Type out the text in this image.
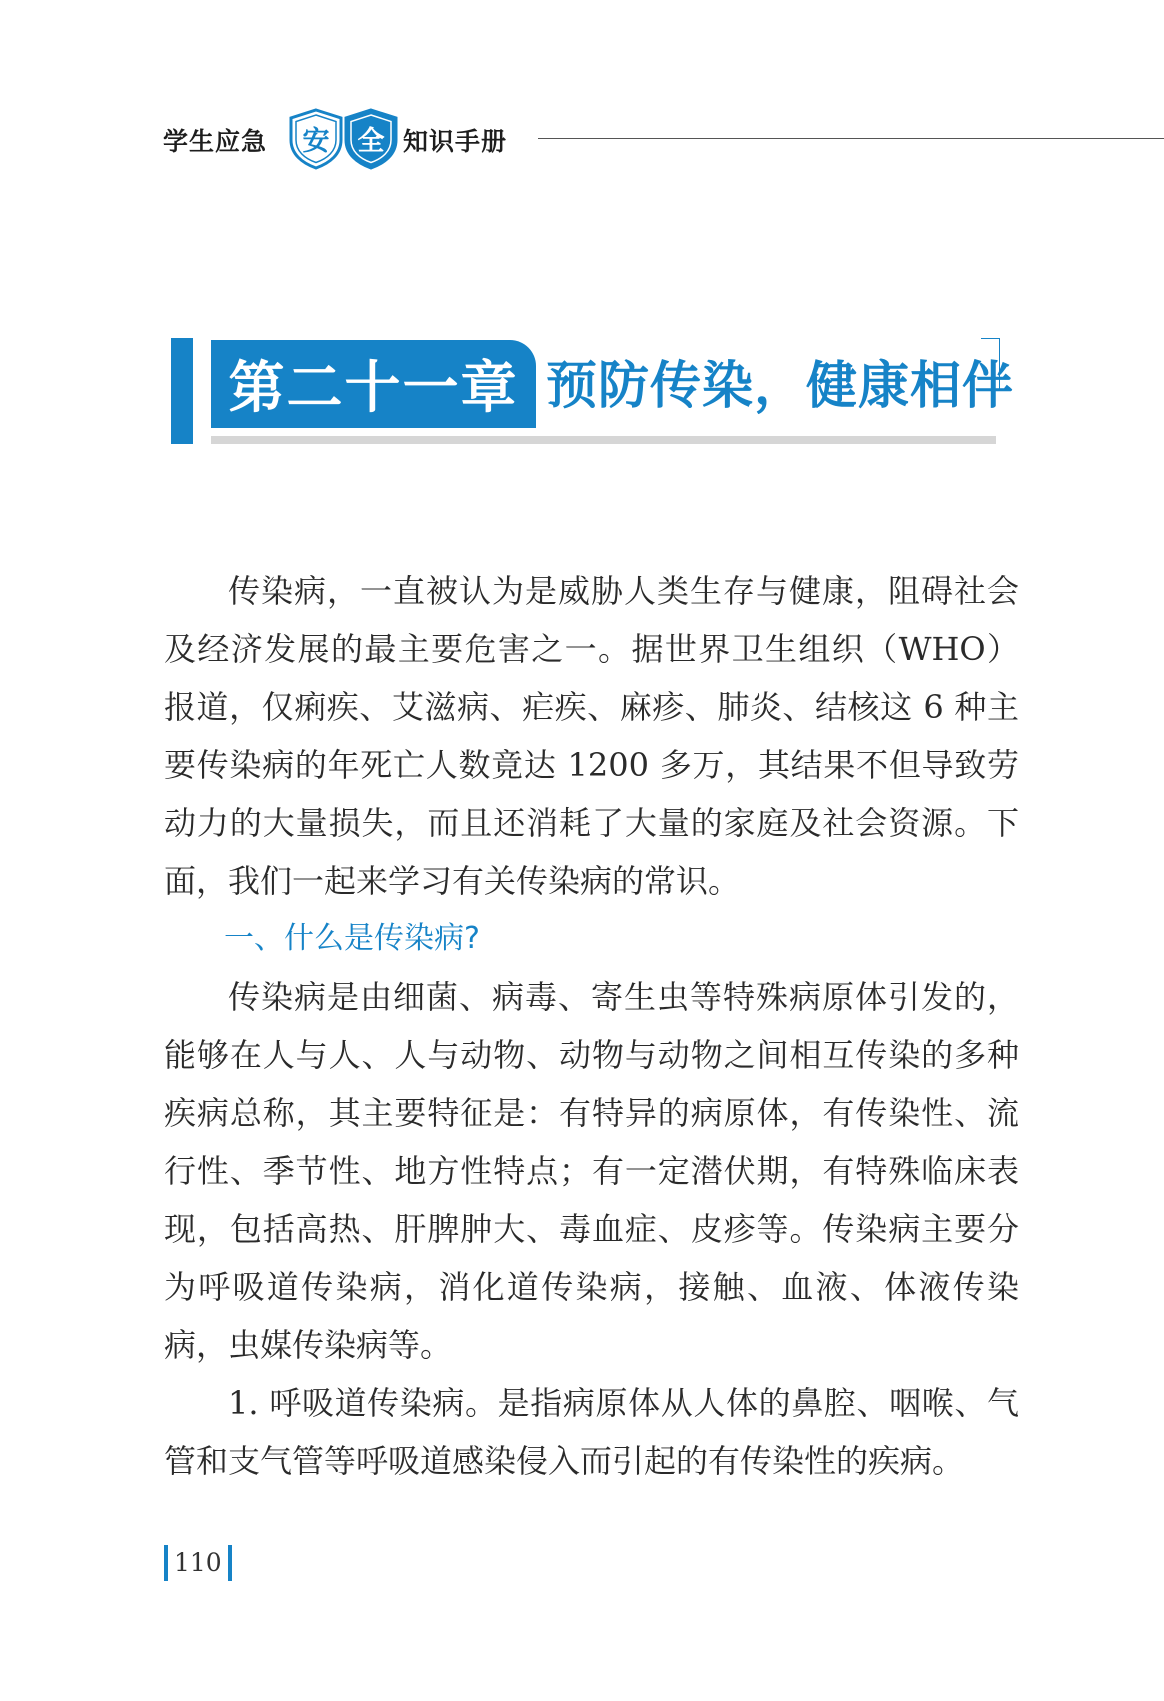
学生应急	安	全 知识手册
第二十一章 预防传染，健康相伴

传染病，一直被认为是威胁人类生存与健康，阻碍社会及经济发展的最主要危害之一。据世界卫生组织（WHO）报道，仅痢疾、艾滋病、疟疾、麻疹、肺炎、结核这 6 种主要传染病的年死亡人数竟达 1200 多万，其结果不但导致劳动力的大量损失，而且还消耗了大量的家庭及社会资源。下面，我们一起来学习有关传染病的常识。

一、什么是传染病?

传染病是由细菌、病毒、寄生虫等特殊病原体引发的，能够在人与人、人与动物、动物与动物之间相互传染的多种疾病总称，其主要特征是：有特异的病原体，有传染性、流行性、季节性、地方性特点；有一定潜伏期，有特殊临床表现，包括高热、肝脾肿大、毒血症、皮疹等。传染病主要分为呼吸道传染病，消化道传染病，接触、血液、体液传染病，虫媒传染病等。

1. 呼吸道传染病。是指病原体从人体的鼻腔、咽喉、气管和支气管等呼吸道感染侵入而引起的有传染性的疾病。

110
